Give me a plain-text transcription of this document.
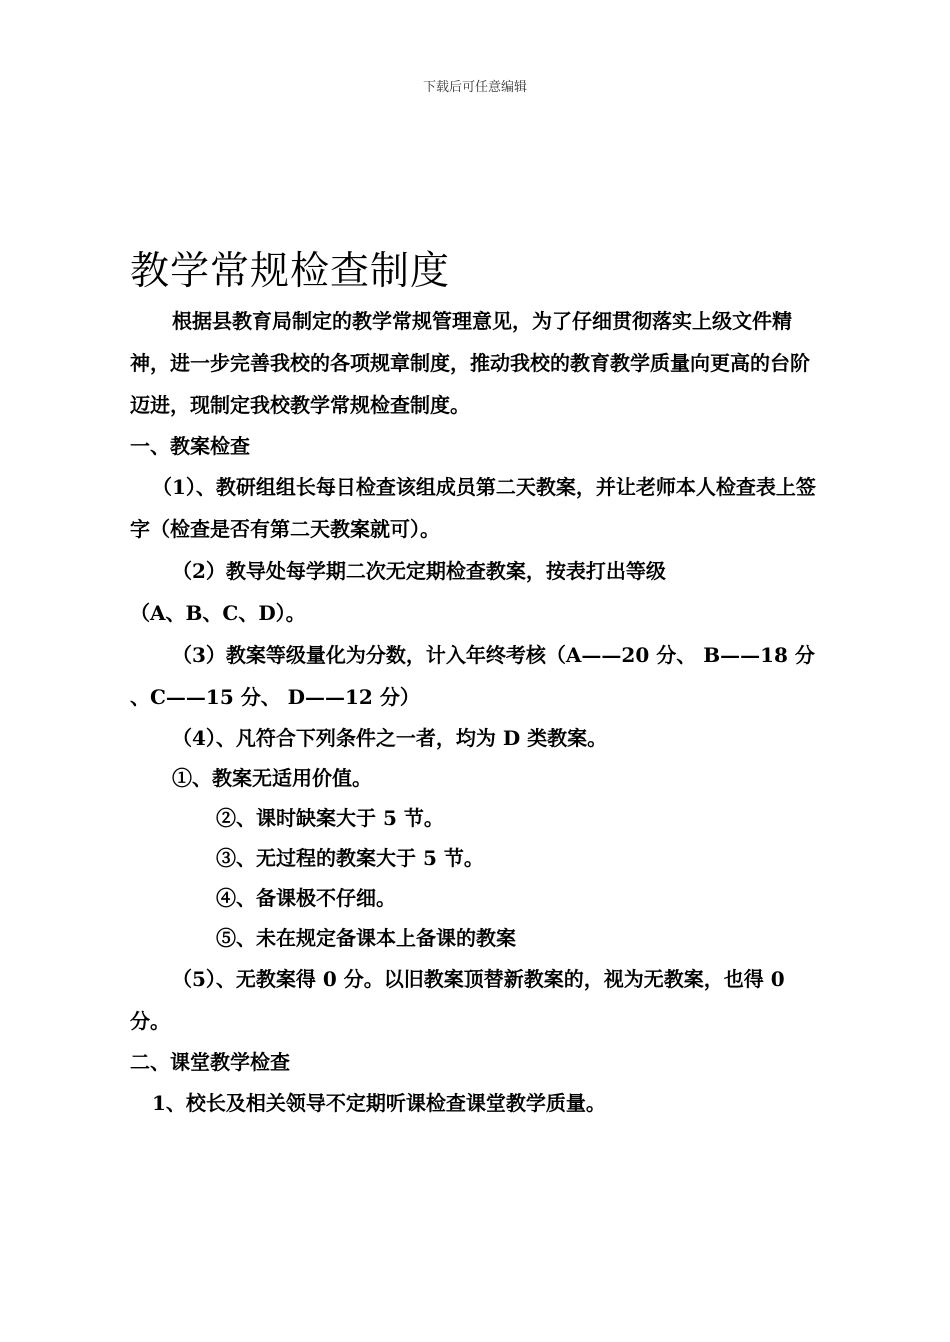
下载后可任意编辑
教学常规检查制度

根据县教育局制定的教学常规管理意见，为了仔细贯彻落实上级文件精神，进一步完善我校的各项规章制度，推动我校的教育教学质量向更高的台阶迈进，现制定我校教学常规检查制度。

一、教案检查

（1）、教研组组长每日检查该组成员第二天教案，并让老师本人检查表上签字（检查是否有第二天教案就可）。

（2）教导处每学期二次无定期检查教案，按表打出等级

（A、B、C、D）。

（3）教案等级量化为分数，计入年终考核（A——20 分、 B——18 分 、C——15 分、 D——12 分）

（4）、凡符合下列条件之一者，均为 D 类教案。

①、教案无适用价值。

②、课时缺案大于 5 节。

③、无过程的教案大于 5 节。

④、备课极不仔细。

⑤、未在规定备课本上备课的教案

（5）、无教案得 0 分。以旧教案顶替新教案的，视为无教案，也得 0 分。

二、课堂教学检查

1、校长及相关领导不定期听课检查课堂教学质量。
